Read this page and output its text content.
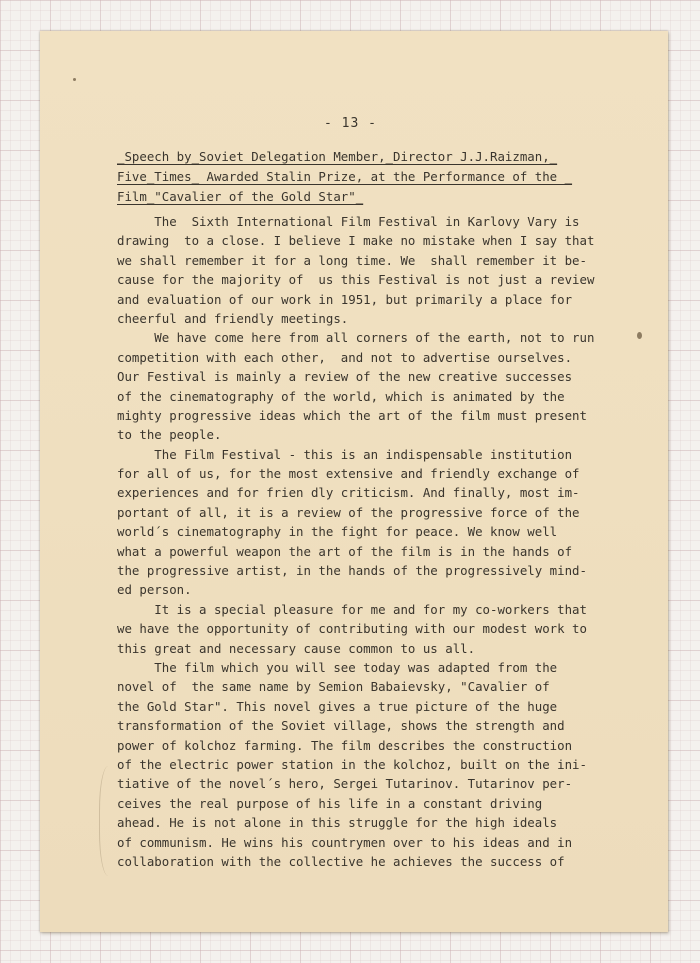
- 13 -
_Speech by_Soviet Delegation Member,_Director J.J.Raizman,_
Five_Times_ Awarded Stalin Prize, at the Performance of the _
Film_"Cavalier of the Gold Star"_
The  Sixth International Film Festival in Karlovy Vary is
drawing  to a close. I believe I make no mistake when I say that
we shall remember it for a long time. We  shall remember it be-
cause for the majority of  us this Festival is not just a review
and evaluation of our work in 1951, but primarily a place for
cheerful and friendly meetings.
We have come here from all corners of the earth, not to run
competition with each other,  and not to advertise ourselves.
Our Festival is mainly a review of the new creative successes
of the cinematography of the world, which is animated by the
mighty progressive ideas which the art of the film must present
to the people.
The Film Festival - this is an indispensable institution
for all of us, for the most extensive and friendly exchange of
experiences and for frien dly criticism. And finally, most im-
portant of all, it is a review of the progressive force of the
world´s cinematography in the fight for peace. We know well
what a powerful weapon the art of the film is in the hands of
the progressive artist, in the hands of the progressively mind-
ed person.
It is a special pleasure for me and for my co-workers that
we have the opportunity of contributing with our modest work to
this great and necessary cause common to us all.
The film which you will see today was adapted from the
novel of  the same name by Semion Babaievsky, "Cavalier of
the Gold Star". This novel gives a true picture of the huge
transformation of the Soviet village, shows the strength and
power of kolchoz farming. The film describes the construction
of the electric power station in the kolchoz, built on the ini-
tiative of the novel´s hero, Sergei Tutarinov. Tutarinov per-
ceives the real purpose of his life in a constant driving
ahead. He is not alone in this struggle for the high ideals
of communism. He wins his countrymen over to his ideas and in
collaboration with the collective he achieves the success of
